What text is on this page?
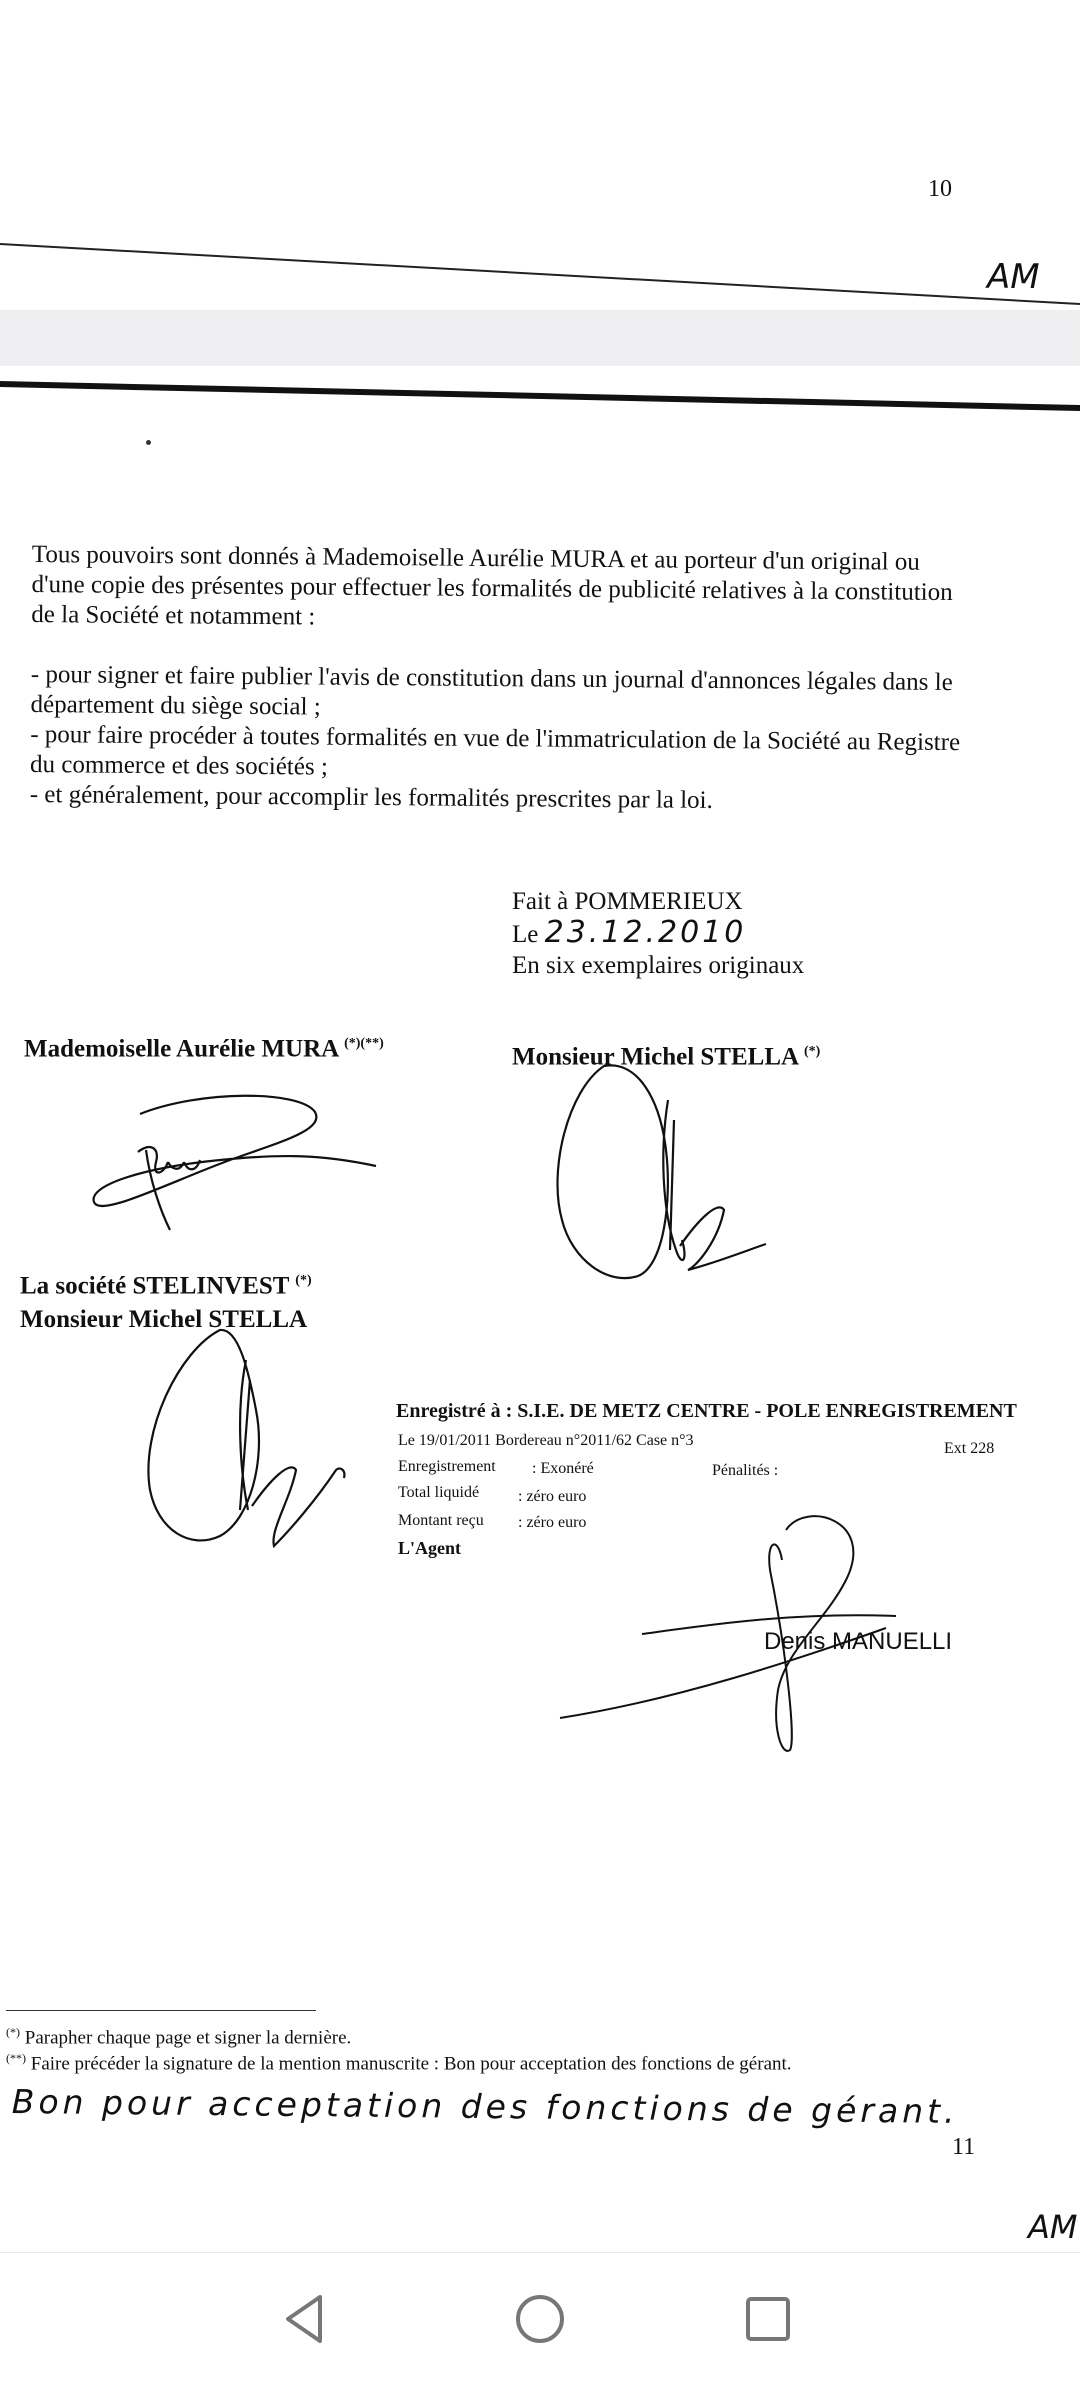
10
AM

Tous pouvoirs sont donnés à Mademoiselle Aurélie MURA et au porteur d'un original ou
d'une copie des présentes pour effectuer les formalités de publicité relatives à la constitution
de la Société et notamment :

- pour signer et faire publier l'avis de constitution dans un journal d'annonces légales dans le
département du siège social ;
- pour faire procéder à toutes formalités en vue de l'immatriculation de la Société au Registre
du commerce et des sociétés ;
- et généralement, pour accomplir les formalités prescrites par la loi.

Fait à POMMERIEUX
Le 23.12.2010
En six exemplaires originaux
Mademoiselle Aurélie MURA (*)(**)	Monsieur Michel STELLA (*)
La société STELINVEST (*)
Monsieur Michel STELLA
Enregistré à : S.I.E. DE METZ CENTRE - POLE ENREGISTREMENT
Le 19/01/2011 Bordereau n°2011/62 Case n°3	Ext 228
Enregistrement : Exonéré	Pénalités :
Total liquidé : zéro euro
Montant reçu : zéro euro
L'Agent
Denis MANUELLI
(*) Parapher chaque page et signer la dernière.
(**) Faire précéder la signature de la mention manuscrite : Bon pour acceptation des fonctions de gérant.
Bon pour acceptation des fonctions de gérant.
11
AM
